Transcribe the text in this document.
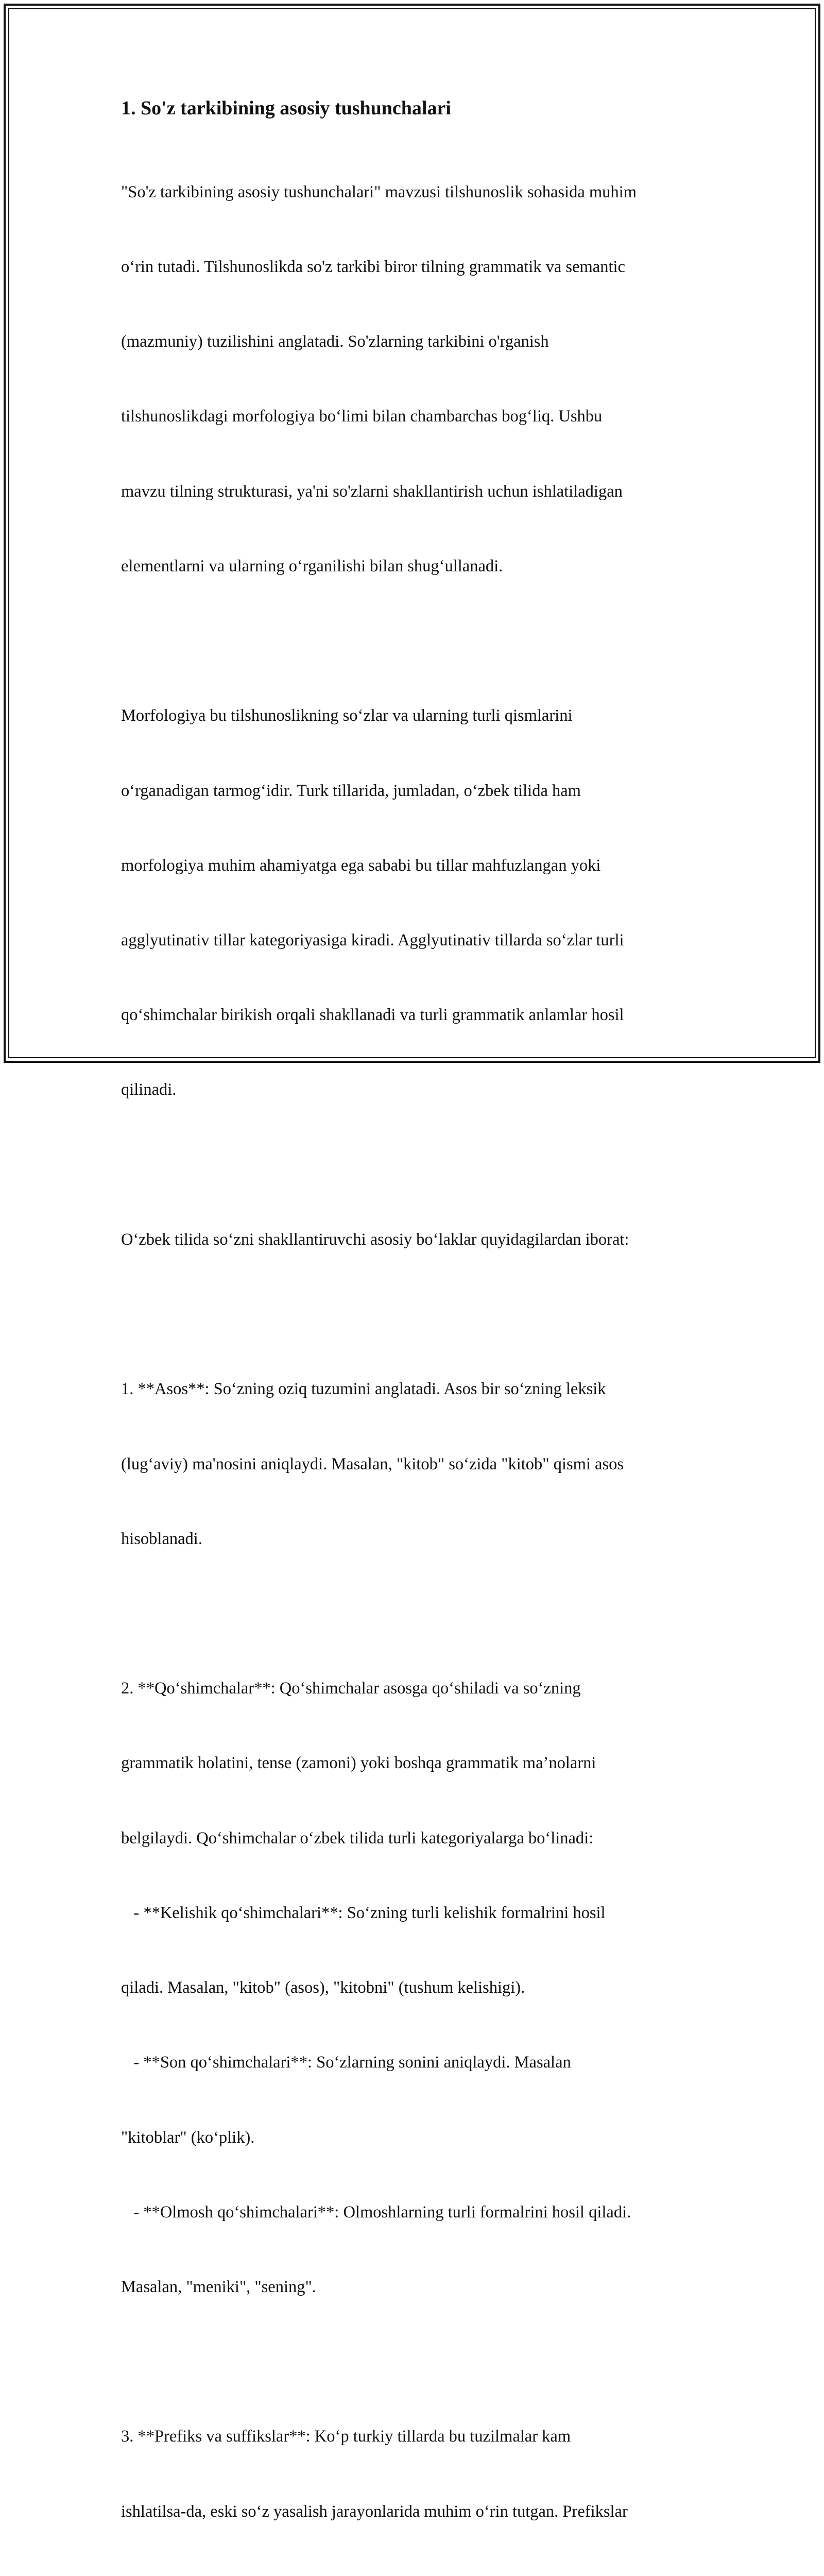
1. So'z tarkibining asosiy tushunchalari

"So'z tarkibining asosiy tushunchalari" mavzusi tilshunoslik sohasida muhim

o‘rin tutadi. Tilshunoslikda so'z tarkibi biror tilning grammatik va semantic

(mazmuniy) tuzilishini anglatadi. So'zlarning tarkibini o'rganish

tilshunoslikdagi morfologiya bo‘limi bilan chambarchas bog‘liq. Ushbu

mavzu tilning strukturasi, ya'ni so'zlarni shakllantirish uchun ishlatiladigan

elementlarni va ularning o‘rganilishi bilan shug‘ullanadi.

Morfologiya bu tilshunoslikning so‘zlar va ularning turli qismlarini

o‘rganadigan tarmog‘idir. Turk tillarida, jumladan, o‘zbek tilida ham

morfologiya muhim ahamiyatga ega sababi bu tillar mahfuzlangan yoki

agglyutinativ tillar kategoriyasiga kiradi. Agglyutinativ tillarda so‘zlar turli

qo‘shimchalar birikish orqali shakllanadi va turli grammatik anlamlar hosil

qilinadi.

O‘zbek tilida so‘zni shakllantiruvchi asosiy bo‘laklar quyidagilardan iborat:

1. **Asos**: So‘zning oziq tuzumini anglatadi. Asos bir so‘zning leksik

(lug‘aviy) ma'nosini aniqlaydi. Masalan, "kitob" so‘zida "kitob" qismi asos

hisoblanadi.

2. **Qo‘shimchalar**: Qo‘shimchalar asosga qo‘shiladi va so‘zning

grammatik holatini, tense (zamoni) yoki boshqa grammatik ma’nolarni

belgilaydi. Qo‘shimchalar o‘zbek tilida turli kategoriyalarga bo‘linadi:

- **Kelishik qo‘shimchalari**: So‘zning turli kelishik formalrini hosil

qiladi. Masalan, "kitob" (asos), "kitobni" (tushum kelishigi).

- **Son qo‘shimchalari**: So‘zlarning sonini aniqlaydi. Masalan

"kitoblar" (ko‘plik).

- **Olmosh qo‘shimchalari**: Olmoshlarning turli formalrini hosil qiladi.

Masalan, "meniki", "sening".

3. **Prefiks va suffikslar**: Ko‘p turkiy tillarda bu tuzilmalar kam

ishlatilsa-da, eski so‘z yasalish jarayonlarida muhim o‘rin tutgan. Prefikslar
